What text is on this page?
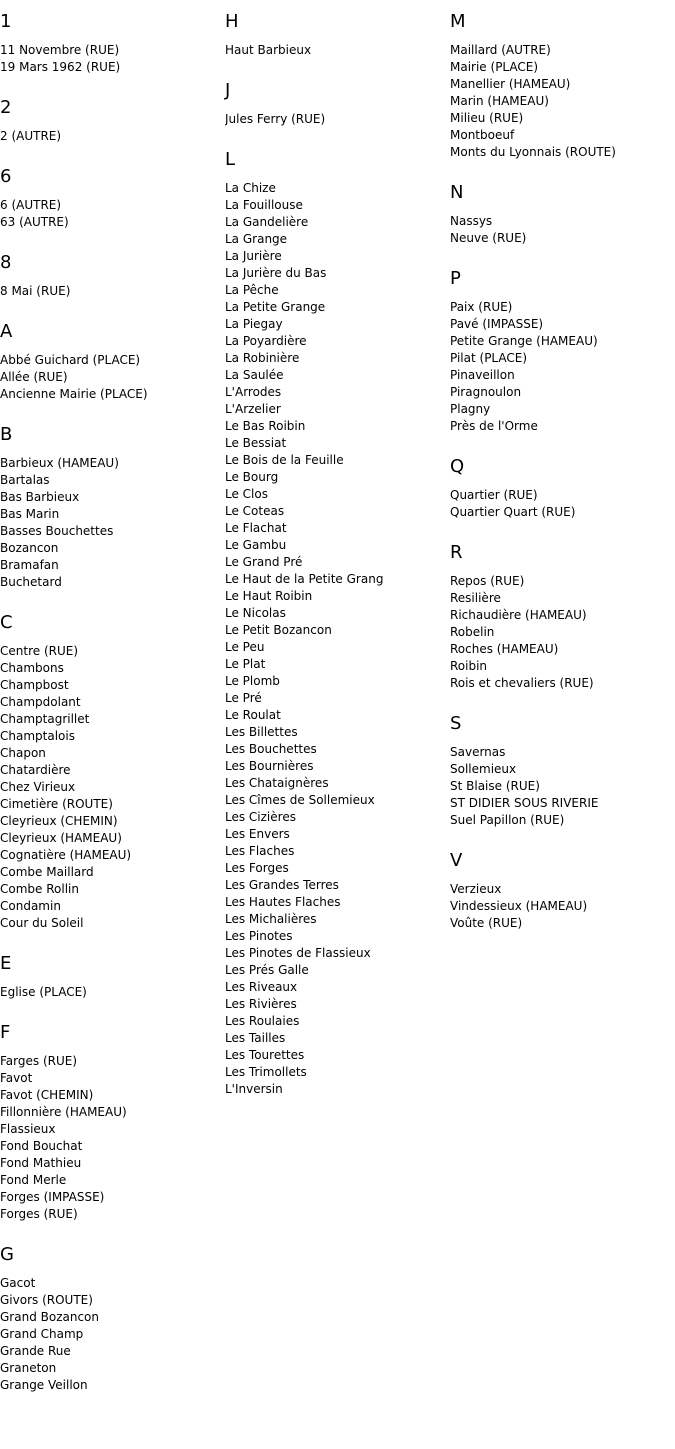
1
11 Novembre (RUE)
19 Mars 1962 (RUE)
2
2 (AUTRE)
6
6 (AUTRE)
63 (AUTRE)
8
8 Mai (RUE)
A
Abbé Guichard (PLACE)
Allée (RUE)
Ancienne Mairie (PLACE)
B
Barbieux (HAMEAU)
Bartalas
Bas Barbieux
Bas Marin
Basses Bouchettes
Bozancon
Bramafan
Buchetard
C
Centre (RUE)
Chambons
Champbost
Champdolant
Champtagrillet
Champtalois
Chapon
Chatardière
Chez Virieux
Cimetière (ROUTE)
Cleyrieux (CHEMIN)
Cleyrieux (HAMEAU)
Cognatière (HAMEAU)
Combe Maillard
Combe Rollin
Condamin
Cour du Soleil
E
Eglise (PLACE)
F
Farges (RUE)
Favot
Favot (CHEMIN)
Fillonnière (HAMEAU)
Flassieux
Fond Bouchat
Fond Mathieu
Fond Merle
Forges (IMPASSE)
Forges (RUE)
G
Gacot
Givors (ROUTE)
Grand Bozancon
Grand Champ
Grande Rue
Graneton
Grange Veillon
H
Haut Barbieux
J
Jules Ferry (RUE)
L
La Chize
La Fouillouse
La Gandelière
La Grange
La Jurière
La Jurière du Bas
La Pêche
La Petite Grange
La Piegay
La Poyardière
La Robinière
La Saulée
L'Arrodes
L'Arzelier
Le Bas Roibin
Le Bessiat
Le Bois de la Feuille
Le Bourg
Le Clos
Le Coteas
Le Flachat
Le Gambu
Le Grand Pré
Le Haut de la Petite Grang
Le Haut Roibin
Le Nicolas
Le Petit Bozancon
Le Peu
Le Plat
Le Plomb
Le Pré
Le Roulat
Les Billettes
Les Bouchettes
Les Bournières
Les Chataignères
Les Cîmes de Sollemieux
Les Cizières
Les Envers
Les Flaches
Les Forges
Les Grandes Terres
Les Hautes Flaches
Les Michalières
Les Pinotes
Les Pinotes de Flassieux
Les Prés Galle
Les Riveaux
Les Rivières
Les Roulaies
Les Tailles
Les Tourettes
Les Trimollets
L'Inversin
M
Maillard (AUTRE)
Mairie (PLACE)
Manellier (HAMEAU)
Marin (HAMEAU)
Milieu (RUE)
Montboeuf
Monts du Lyonnais (ROUTE)
N
Nassys
Neuve (RUE)
P
Paix (RUE)
Pavé (IMPASSE)
Petite Grange (HAMEAU)
Pilat (PLACE)
Pinaveillon
Piragnoulon
Plagny
Près de l'Orme
Q
Quartier (RUE)
Quartier Quart (RUE)
R
Repos (RUE)
Resilière
Richaudière (HAMEAU)
Robelin
Roches (HAMEAU)
Roibin
Rois et chevaliers (RUE)
S
Savernas
Sollemieux
St Blaise (RUE)
ST DIDIER SOUS RIVERIE
Suel Papillon (RUE)
V
Verzieux
Vindessieux (HAMEAU)
Voûte (RUE)
